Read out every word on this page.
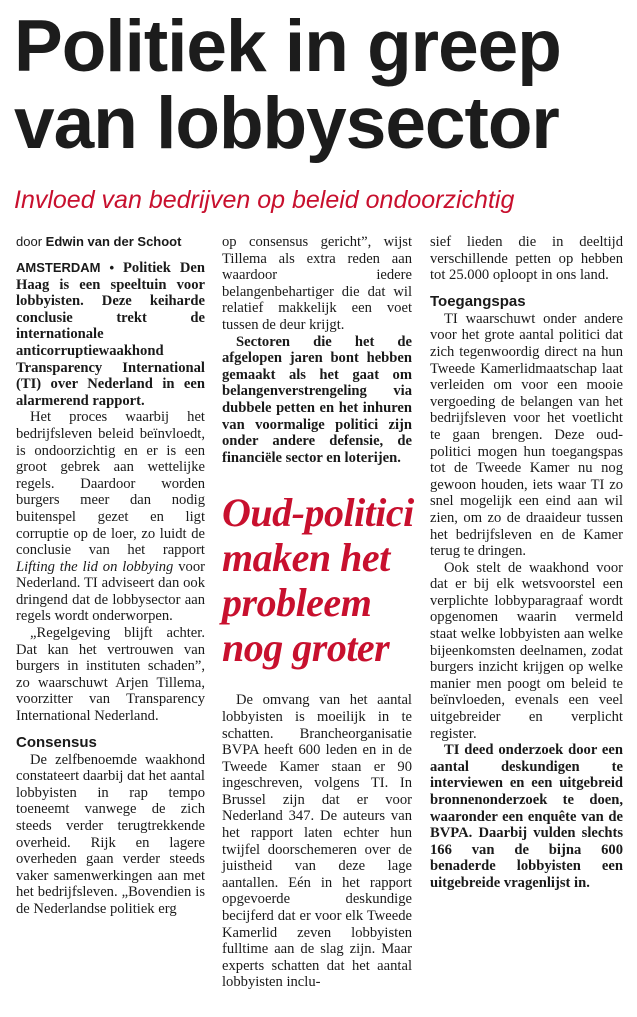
Politiek in greep
van lobbysector
Invloed van bedrijven op beleid ondoorzichtig

door Edwin van der Schoot

AMSTERDAM • Politiek Den Haag is een speeltuin voor lobbyisten. Deze keiharde conclusie trekt de internationale anticorruptiewaakhond Transparency International (TI) over Nederland in een alarmerend rapport.

Het proces waarbij het bedrijfsleven beleid beïnvloedt, is ondoorzichtig en er is een groot gebrek aan wettelijke regels. Daardoor worden burgers meer dan nodig buitenspel gezet en ligt corruptie op de loer, zo luidt de conclusie van het rapport Lifting the lid on lobbying voor Nederland. TI adviseert dan ook dringend dat de lobbysector aan regels wordt onderworpen.

„Regelgeving blijft achter. Dat kan het vertrouwen van burgers in instituten schaden”, zo waarschuwt Arjen Tillema, voorzitter van Transparency International Nederland.

Consensus

De zelfbenoemde waakhond constateert daarbij dat het aantal lobbyisten in rap tempo toeneemt vanwege de zich steeds verder terugtrekkende overheid. Rijk en lagere overheden gaan verder steeds vaker samenwerkingen aan met het bedrijfsleven. „Bovendien is de Nederlandse politiek erg

op consensus gericht”, wijst Tillema als extra reden aan waardoor iedere belangenbehartiger die dat wil relatief makkelijk een voet tussen de deur krijgt.

Sectoren die het de afgelopen jaren bont hebben gemaakt als het gaat om belangenverstrengeling via dubbele petten en het inhuren van voormalige politici zijn onder andere defensie, de financiële sector en loterijen.

Oud-politici
maken het
probleem
nog groter

De omvang van het aantal lobbyisten is moeilijk in te schatten. Brancheorganisatie BVPA heeft 600 leden en in de Tweede Kamer staan er 90 ingeschreven, volgens TI. In Brussel zijn dat er voor Nederland 347. De auteurs van het rapport laten echter hun twijfel doorschemeren over de juistheid van deze lage aantallen. Eén in het rapport opgevoerde deskundige becijferd dat er voor elk Tweede Kamerlid zeven lobbyisten fulltime aan de slag zijn. Maar experts schatten dat het aantal lobbyisten inclu-

sief lieden die in deeltijd verschillende petten op hebben tot 25.000 oploopt in ons land.

Toegangspas

TI waarschuwt onder andere voor het grote aantal politici dat zich tegenwoordig direct na hun Tweede Kamerlidmaatschap laat verleiden om voor een mooie vergoeding de belangen van het bedrijfsleven voor het voetlicht te gaan brengen. Deze oud-politici mogen hun toegangspas tot de Tweede Kamer nu nog gewoon houden, iets waar TI zo snel mogelijk een eind aan wil zien, om zo de draaideur tussen het bedrijfsleven en de Kamer terug te dringen.

Ook stelt de waakhond voor dat er bij elk wetsvoorstel een verplichte lobbyparagraaf wordt opgenomen waarin vermeld staat welke lobbyisten aan welke bijeenkomsten deelnamen, zodat burgers inzicht krijgen op welke manier men poogt om beleid te beïnvloeden, evenals een veel uitgebreider en verplicht register.

TI deed onderzoek door een aantal deskundigen te interviewen en een uitgebreid bronnenonderzoek te doen, waaronder een enquête van de BVPA. Daarbij vulden slechts 166 van de bijna 600 benaderde lobbyisten een uitgebreide vragenlijst in.
